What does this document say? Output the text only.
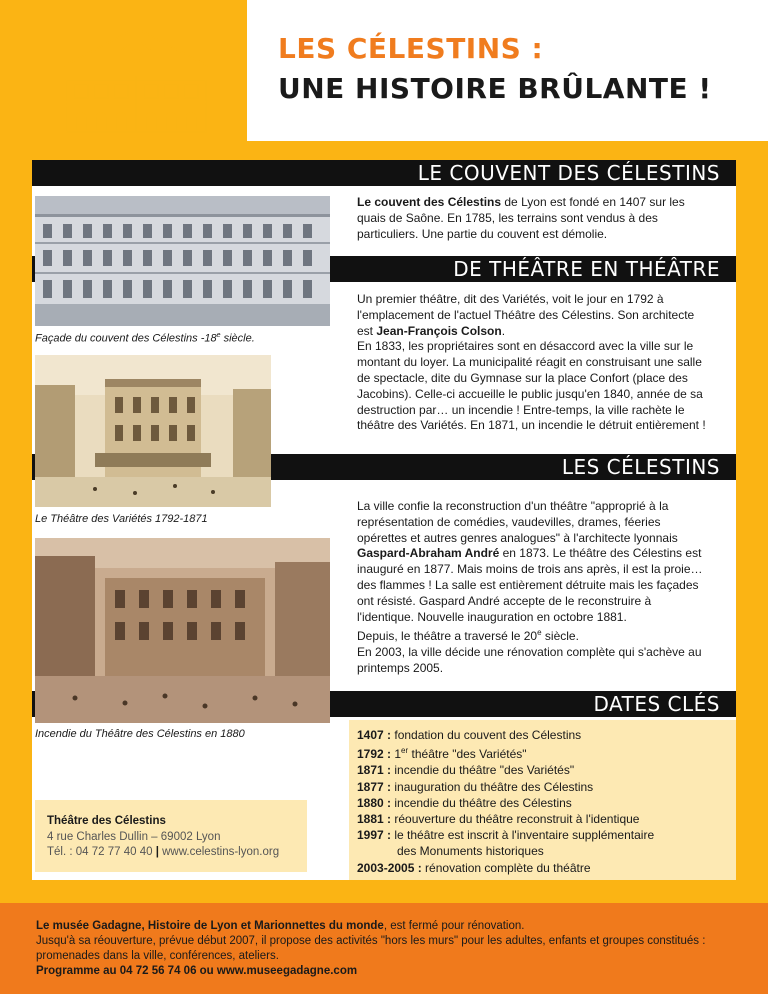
LES CÉLESTINS :
UNE HISTOIRE BRÛLANTE !
LE COUVENT DES CÉLESTINS
Le couvent des Célestins de Lyon est fondé en 1407 sur les quais de Saône. En 1785, les terrains sont vendus à des particuliers. Une partie du couvent est démolie.
DE THÉÂTRE EN THÉÂTRE
Un premier théâtre, dit des Variétés, voit le jour en 1792 à l'emplacement de l'actuel Théâtre des Célestins. Son architecte est Jean-François Colson.
En 1833, les propriétaires sont en désaccord avec la ville sur le montant du loyer. La municipalité réagit en construisant une salle de spectacle, dite du Gymnase sur la place Confort (place des Jacobins). Celle-ci accueille le public jusqu'en 1840, année de sa destruction par… un incendie ! Entre-temps, la ville rachète le théâtre des Variétés. En 1871, un incendie le détruit entièrement !
LES CÉLESTINS
La ville confie la reconstruction d'un théâtre "approprié à la représentation de comédies, vaudevilles, drames, féeries opérettes et autres genres analogues" à l'architecte lyonnais Gaspard-Abraham André en 1873. Le théâtre des Célestins est inauguré en 1877. Mais moins de trois ans après, il est la proie… des flammes ! La salle est entièrement détruite mais les façades ont résisté. Gaspard André accepte de le reconstruire à l'identique. Nouvelle inauguration en octobre 1881.
Depuis, le théâtre a traversé le 20e siècle.
En 2003, la ville décide une rénovation complète qui s'achève au printemps 2005.
DATES CLÉS
1407 : fondation du couvent des Célestins
1792 : 1er théâtre "des Variétés"
1871 : incendie du théâtre "des Variétés"
1877 : inauguration du théâtre des Célestins
1880 : incendie du théâtre des Célestins
1881 : réouverture du théâtre reconstruit à l'identique
1997 : le théâtre est inscrit à l'inventaire supplémentaire
des Monuments historiques
2003-2005 : rénovation complète du théâtre
Façade du couvent des Célestins -18e siècle.
Le Théâtre des Variétés 1792-1871
Incendie du Théâtre des Célestins en 1880
Théâtre des Célestins
4 rue Charles Dullin – 69002 Lyon
Tél. : 04 72 77 40 40 | www.celestins-lyon.org
Le musée Gadagne, Histoire de Lyon et Marionnettes du monde, est fermé pour rénovation.
Jusqu'à sa réouverture, prévue début 2007, il propose des activités "hors les murs" pour les adultes, enfants et groupes constitués : promenades dans la ville, conférences, ateliers.
Programme au 04 72 56 74 06 ou www.museegadagne.com
